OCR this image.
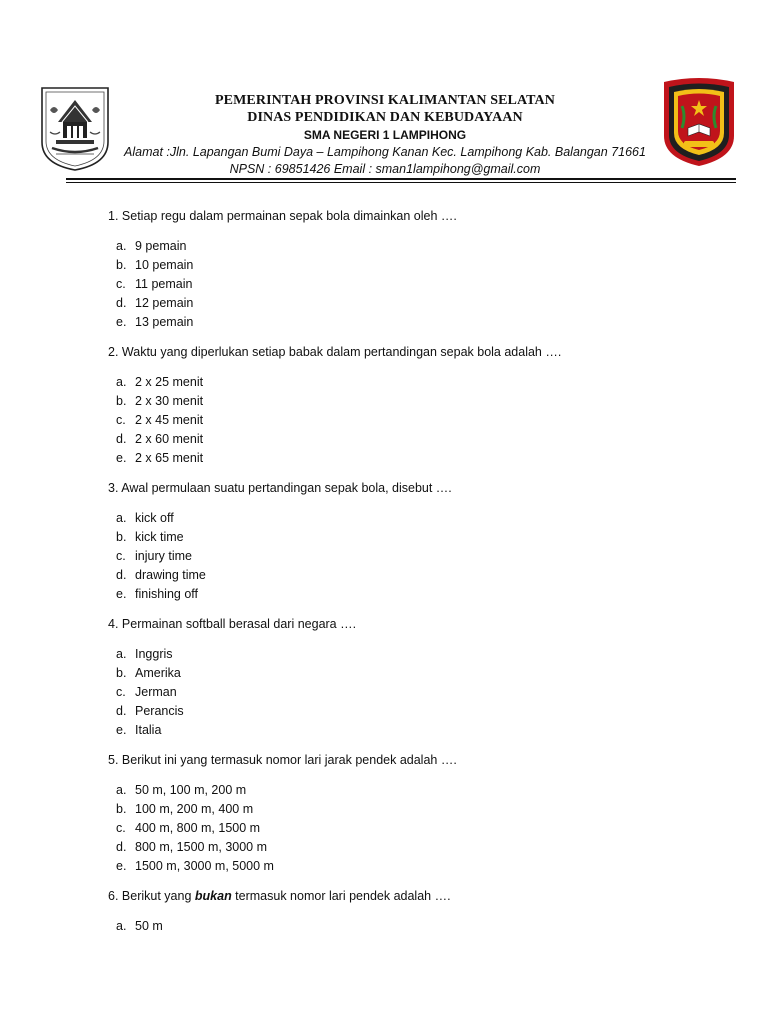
PEMERINTAH PROVINSI KALIMANTAN SELATAN
DINAS PENDIDIKAN DAN KEBUDAYAAN
SMA NEGERI 1 LAMPIHONG
Alamat :Jln. Lapangan Bumi Daya – Lampihong Kanan Kec. Lampihong Kab. Balangan 71661
NPSN : 69851426 Email : sman1lampihong@gmail.com
1. Setiap regu dalam permainan sepak bola dimainkan oleh ….
a. 9 pemain
b. 10 pemain
c. 11 pemain
d. 12 pemain
e. 13 pemain
2. Waktu yang diperlukan setiap babak dalam pertandingan sepak bola adalah ….
a. 2 x 25 menit
b. 2 x 30 menit
c. 2 x 45 menit
d. 2 x 60 menit
e. 2 x 65 menit
3. Awal permulaan suatu pertandingan sepak bola, disebut ….
a. kick off
b. kick time
c. injury time
d. drawing time
e. finishing off
4. Permainan softball berasal dari negara ….
a. Inggris
b. Amerika
c. Jerman
d. Perancis
e. Italia
5. Berikut ini yang termasuk nomor lari jarak pendek adalah ….
a. 50 m, 100 m, 200 m
b. 100 m, 200 m, 400 m
c. 400 m, 800 m, 1500 m
d. 800 m, 1500 m, 3000 m
e. 1500 m, 3000 m, 5000 m
6. Berikut yang bukan termasuk nomor lari pendek adalah ….
a. 50 m
